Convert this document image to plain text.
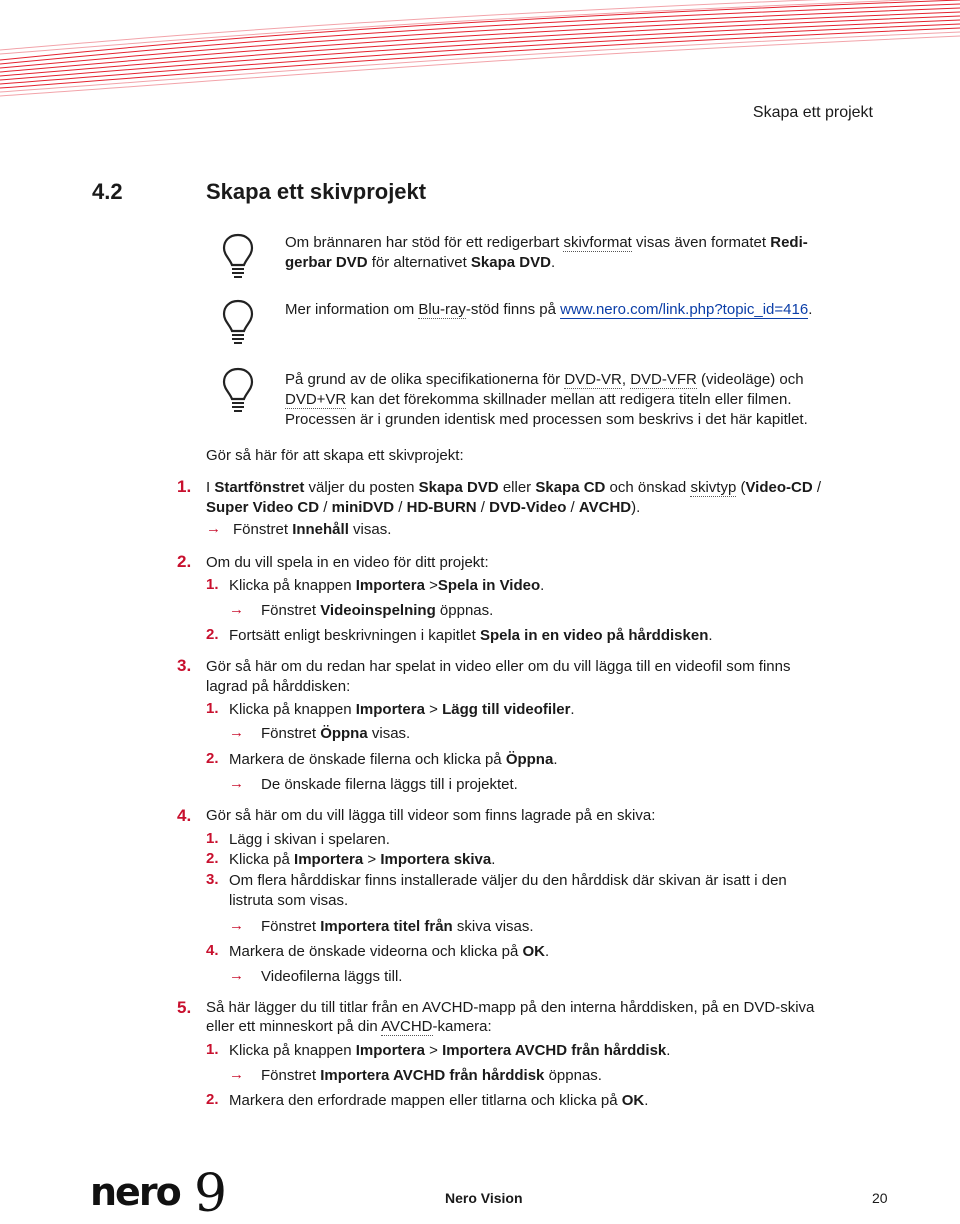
Skapa ett projekt
4.2	Skapa ett skivprojekt
Om brännaren har stöd för ett redigerbart skivformat visas även formatet Redi-
gerbar DVD för alternativet Skapa DVD.
Mer information om Blu-ray-stöd finns på www.nero.com/link.php?topic_id=416.
På grund av de olika specifikationerna för DVD-VR, DVD-VFR (videoläge) och
DVD+VR kan det förekomma skillnader mellan att redigera titeln eller filmen.
Processen är i grunden identisk med processen som beskrivs i det här kapitlet.
Gör så här för att skapa ett skivprojekt:
1. I Startfönstret väljer du posten Skapa DVD eller Skapa CD och önskad skivtyp (Video-CD /
Super Video CD / miniDVD / HD-BURN / DVD-Video / AVCHD).
→ Fönstret Innehåll visas.
2. Om du vill spela in en video för ditt projekt:
1. Klicka på knappen Importera >Spela in Video.
→ Fönstret Videoinspelning öppnas.
2. Fortsätt enligt beskrivningen i kapitlet Spela in en video på hårddisken.
3. Gör så här om du redan har spelat in video eller om du vill lägga till en videofil som finns
lagrad på hårddisken:
1. Klicka på knappen Importera > Lägg till videofiler.
→ Fönstret Öppna visas.
2. Markera de önskade filerna och klicka på Öppna.
→ De önskade filerna läggs till i projektet.
4. Gör så här om du vill lägga till videor som finns lagrade på en skiva:
1. Lägg i skivan i spelaren.
2. Klicka på Importera > Importera skiva.
3. Om flera hårddiskar finns installerade väljer du den hårddisk där skivan är isatt i den
listruta som visas.
→ Fönstret Importera titel från skiva visas.
4. Markera de önskade videorna och klicka på OK.
→ Videofilerna läggs till.
5. Så här lägger du till titlar från en AVCHD-mapp på den interna hårddisken, på en DVD-skiva
eller ett minneskort på din AVCHD-kamera:
1. Klicka på knappen Importera > Importera AVCHD från hårddisk.
→ Fönstret Importera AVCHD från hårddisk öppnas.
2. Markera den erfordrade mappen eller titlarna och klicka på OK.
nero 9	Nero Vision	20
